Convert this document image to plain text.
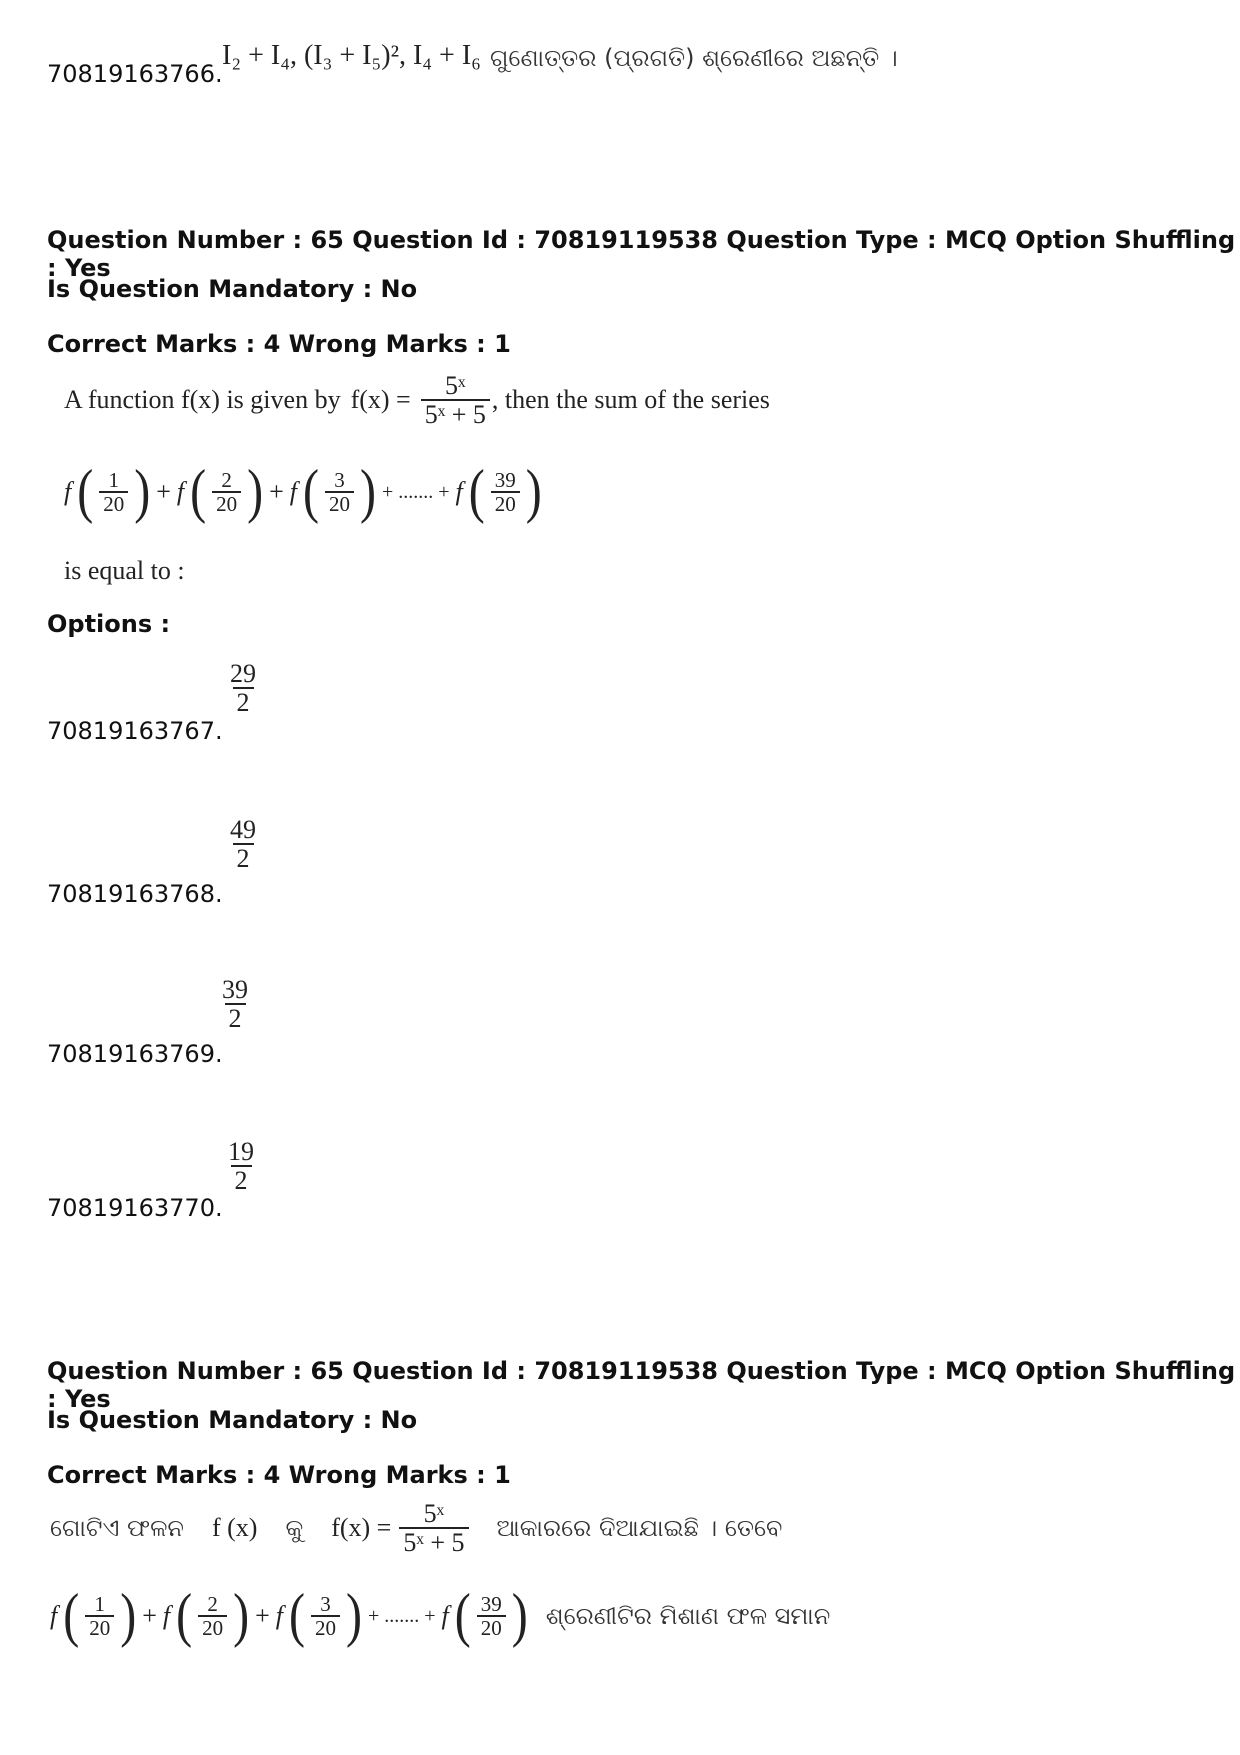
70819163766.
I₂ + I₄, (I₃ + I₅)², I₄ + I₆ ଗୁଣୋତ୍ତର (ପ୍ରଗତି) ଶ୍ରେଣୀରେ ଅଛନ୍ତି ।
Question Number : 65 Question Id : 70819119538 Question Type : MCQ Option Shuffling : Yes
Is Question Mandatory : No
Correct Marks : 4 Wrong Marks : 1
A function f(x) is given by $f(x) = \frac{\text{5ˣ}}{\text{5ˣ + 5}}$ , then the sum of the series
f ( $\frac{1}{20}$ ) + f ( $\frac{2}{20}$ ) + f ( $\frac{3}{20}$ ) + ....... + f ( $\frac{39}{20}$ )
is equal to :
Options :
70819163767.
$\frac{29}{2}$
70819163768.
$\frac{49}{2}$
70819163769.
$\frac{39}{2}$
70819163770.
$\frac{19}{2}$
Question Number : 65 Question Id : 70819119538 Question Type : MCQ Option Shuffling : Yes
Is Question Mandatory : No
Correct Marks : 4 Wrong Marks : 1
ଗୋଟିଏ ଫଳନ f (x) କୁ $f(x) = \frac{\text{5ˣ}}{\text{5ˣ + 5}}$ ଆକାରରେ ଦିଆଯାଇଛି । ତେବେ
f ( $\frac{1}{20}$ ) + f ( $\frac{2}{20}$ ) + f ( $\frac{3}{20}$ ) + ....... + f ( $\frac{39}{20}$ ) ଶ୍ରେଣୀଟିର ମିଶାଣ ଫଳ ସମାନ
